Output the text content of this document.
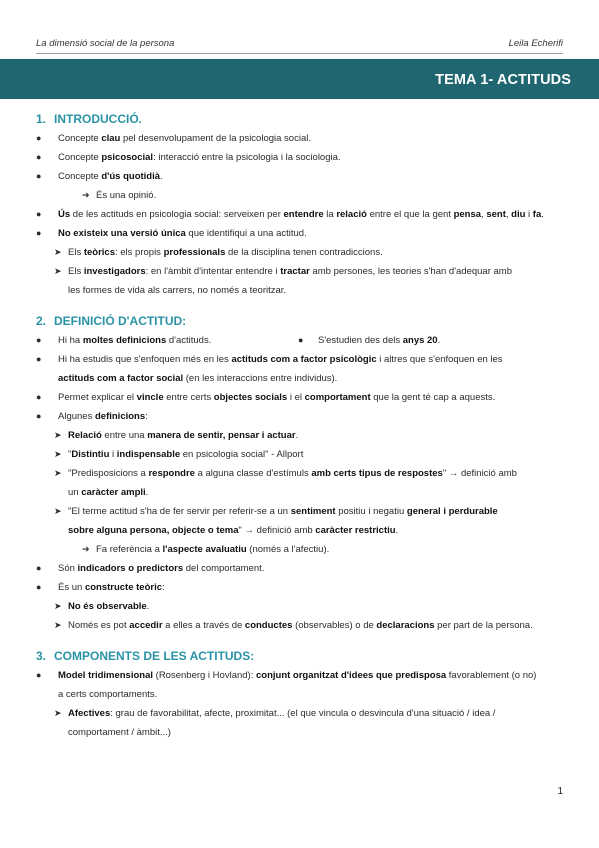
La dimensió social de la persona	Leila Echerifi
TEMA 1- ACTITUDS
1. INTRODUCCIÓ.
● Concepte clau pel desenvolupament de la psicologia social.
● Concepte psicosocial: interacció entre la psicologia i la sociologia.
● Concepte d'ús quotidià.
➔ És una opinió.
● Ús de les actituds en psicologia social: serveixen per entendre la relació entre el que la gent pensa, sent, diu i fa.
● No existeix una versió única que identifiqui a una actitud.
➤ Els teòrics: els propis professionals de la disciplina tenen contradiccions.
➤ Els investigadors: en l'àmbit d'intentar entendre i tractar amb persones, les teories s'han d'adequar amb
les formes de vida als carrers, no només a teoritzar.
2. DEFINICIÓ D'ACTITUD:
● Hi ha moltes definicions d'actituds.	● S'estudien des dels anys 20.
● Hi ha estudis que s'enfoquen més en les actituds com a factor psicològic i altres que s'enfoquen en les
actituds com a factor social (en les interaccions entre individus).
● Permet explicar el vincle entre certs objectes socials i el comportament que la gent té cap a aquests.
● Algunes definicions:
➤ Relació entre una manera de sentir, pensar i actuar.
➤ "Distintiu i indispensable en psicologia social" - Allport
➤ "Predisposicions a respondre a alguna classe d'estímuls amb certs tipus de respostes" → definició amb
un caràcter ampli.
➤ "El terme actitud s'ha de fer servir per referir-se a un sentiment positiu i negatiu general i perdurable
sobre alguna persona, objecte o tema" → definició amb caràcter restrictiu.
➔ Fa referència a l'aspecte avaluatiu (només a l'afectiu).
● Són indicadors o predictors del comportament.
● És un constructe teòric:
➤ No és observable.
➤ Només es pot accedir a elles a través de conductes (observables) o de declaracions per part de la persona.
3. COMPONENTS DE LES ACTITUDS:
● Model tridimensional (Rosenberg i Hovland): conjunt organitzat d'idees que predisposa favorablement (o no)
a certs comportaments.
➤ Afectives: grau de favorabilitat, afecte, proximitat... (el que vincula o desvincula d'una situació / idea /
comportament / àmbit...)
1
